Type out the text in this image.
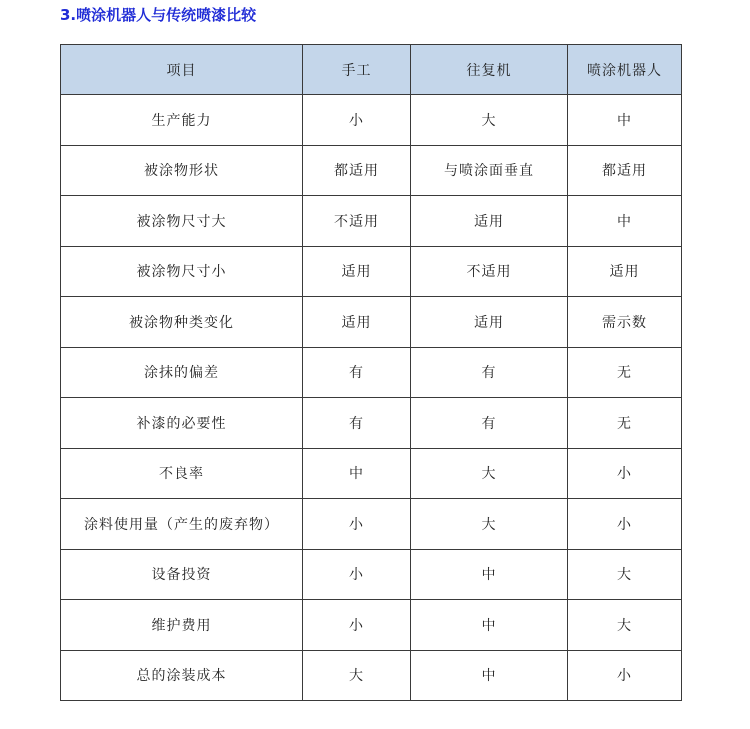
3.喷涂机器人与传统喷漆比较
项目	手工	往复机	喷涂机器人
生产能力	小	大	中
被涂物形状	都适用	与喷涂面垂直	都适用
被涂物尺寸大	不适用	适用	中
被涂物尺寸小	适用	不适用	适用
被涂物种类变化	适用	适用	需示数
涂抹的偏差	有	有	无
补漆的必要性	有	有	无
不良率	中	大	小
涂料使用量（产生的废弃物）	小	大	小
设备投资	小	中	大
维护费用	小	中	大
总的涂装成本	大	中	小
